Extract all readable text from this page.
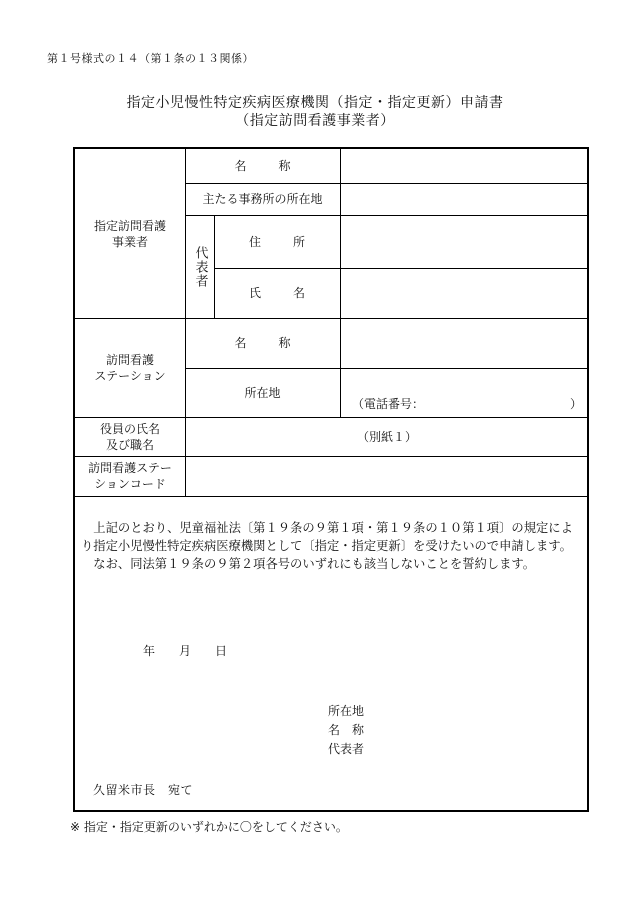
第１号様式の１４（第１条の１３関係）
指定小児慢性特定疾病医療機関（指定・指定更新）申請書
（指定訪問看護事業者）
指定訪問看護
事業者
名　称
主たる事務所の所在地
代表者
住　所
氏　名
訪問看護
ステーション
名　称
所在地
（電話番号：	）
役員の氏名
及び職名
（別紙１）
訪問看護ステー
ションコード

上記のとおり、児童福祉法〔第１９条の９第１項・第１９条の１０第１項〕の規定により指定小児慢性特定疾病医療機関として〔指定・指定更新〕を受けたいので申請します。

なお、同法第１９条の９第２項各号のいずれにも該当しないことを誓約します。

年 月 日
所在地
名　称
代表者
久留米市長　宛て
※ 指定・指定更新のいずれかに〇をしてください。
